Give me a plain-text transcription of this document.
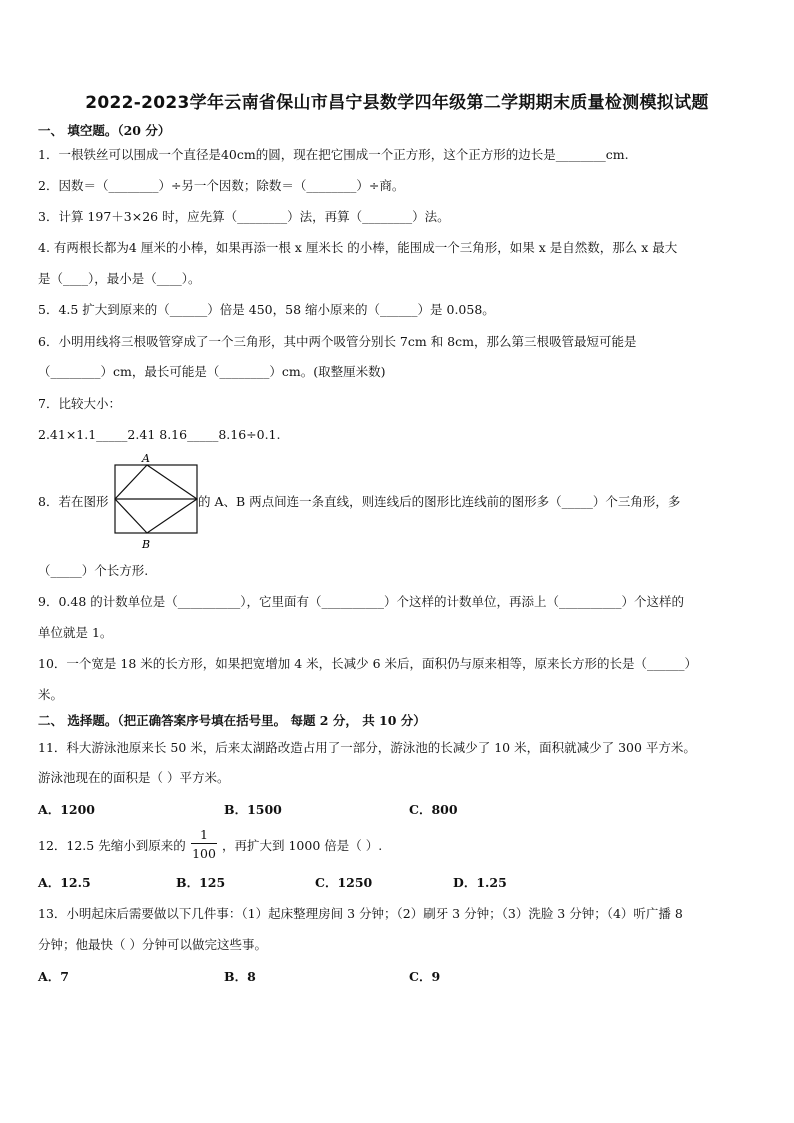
2022-2023学年云南省保山市昌宁县数学四年级第二学期期末质量检测模拟试题
一、 填空题。（20 分）
1．一根铁丝可以围成一个直径是40cm的圆，现在把它围成一个正方形，这个正方形的边长是________cm.
2．因数＝（________）÷另一个因数；除数＝（________）÷商。
3．计算 197＋3×26 时，应先算（________）法，再算（________）法。
4. 有两根长都为4 厘米的小棒，如果再添一根 x 厘米长 的小棒，能围成一个三角形，如果 x 是自然数，那么 x 最大
是（____），最小是（____）。
5．4.5 扩大到原来的（______）倍是 450，58 缩小原来的（______）是 0.058。
6．小明用线将三根吸管穿成了一个三角形，其中两个吸管分别长 7cm 和 8cm，那么第三根吸管最短可能是
（________）cm，最长可能是（________）cm。(取整厘米数)
7．比较大小：
2.41×1.1_____2.41 8.16_____8.16÷0.1.
8．若在图形	的 A、B 两点间连一条直线，则连线后的图形比连线前的图形多（_____）个三角形，多
A
B
（_____）个长方形.
9．0.48 的计数单位是（__________），它里面有（__________）个这样的计数单位，再添上（__________）个这样的
单位就是 1。
10．一个宽是 18 米的长方形，如果把宽增加 4 米，长减少 6 米后，面积仍与原来相等，原来长方形的长是（______）
米。
二、 选择题。（把正确答案序号填在括号里。 每题 2 分， 共 10 分）
11．科大游泳池原来长 50 米，后来太湖路改造占用了一部分，游泳池的长减少了 10 米，面积就减少了 300 平方米。
游泳池现在的面积是（ ）平方米。
A．1200	B．1500	C．800
12．12.5 先缩小到原来的 $\frac{1}{100}$ ，再扩大到 1000 倍是（ ）.
A．12.5	B．125	C．1250	D．1.25
13．小明起床后需要做以下几件事：（1）起床整理房间 3 分钟；（2）刷牙 3 分钟；（3）洗脸 3 分钟；（4）听广播 8
分钟；他最快（ ）分钟可以做完这些事。
A．7	B．8	C．9
